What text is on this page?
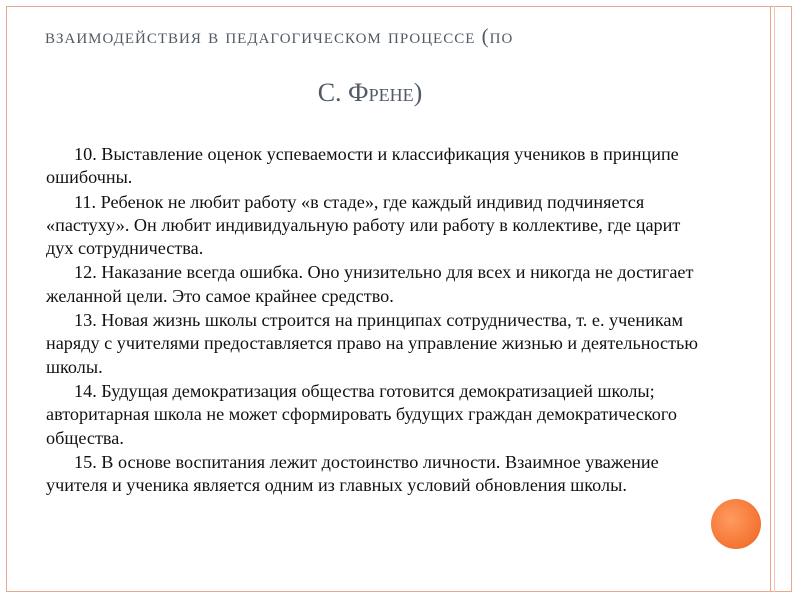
взаимодействия в педагогическом процессе (по
С. Френе)

10. Выставление оценок успеваемости и классификация учеников в принципе ошибочны.

11. Ребенок не любит работу «в стаде», где каждый индивид подчиняется «пастуху». Он любит индивидуальную работу или работу в коллективе, где царит дух сотрудничества.

12. Наказание всегда ошибка. Оно унизительно для всех и никогда не достигает желанной цели. Это самое крайнее средство.

13. Новая жизнь школы строится на принципах сотрудничества, т. е. ученикам наряду с учителями предоставляется право на управление жизнью и деятельностью школы.

14. Будущая демократизация общества готовится демократизацией школы; авторитарная школа не может сформировать будущих граждан демократического общества.

15. В основе воспитания лежит достоинство личности. Взаимное уважение учителя и ученика является одним из главных условий обновления школы.
